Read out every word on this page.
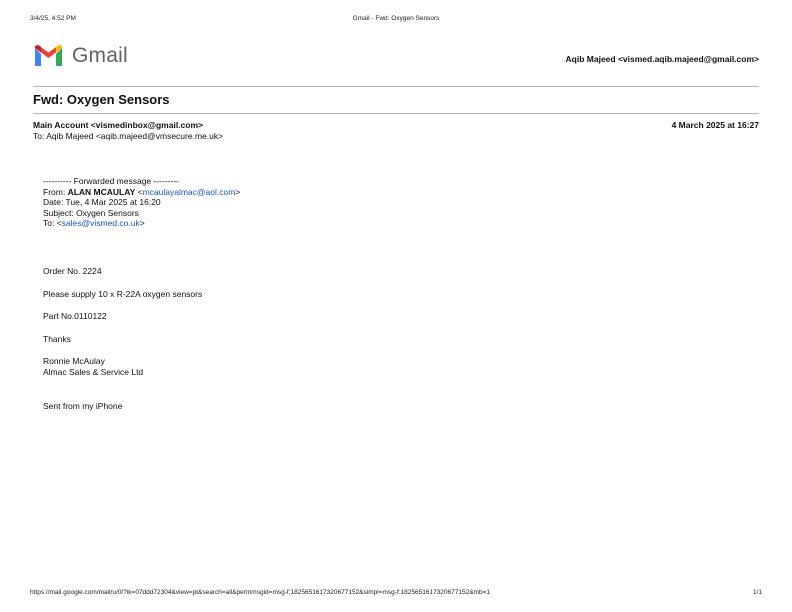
3/4/25, 4:52 PM	Gmail - Fwd: Oxygen Sensors
Gmail	Aqib Majeed <vismed.aqib.majeed@gmail.com>
Fwd: Oxygen Sensors
Main Account <vismedinbox@gmail.com>
To: Aqib Majeed <aqib.majeed@vmsecure.me.uk>
4 March 2025 at 16:27
---------- Forwarded message ---------
From: ALAN MCAULAY <mcaulayalmac@aol.com>
Date: Tue, 4 Mar 2025 at 16:20
Subject: Oxygen Sensors
To: <sales@vismed.co.uk>

Order No. 2224

Please supply 10 x R-22A oxygen sensors

Part No.0110122

Thanks

Ronnie McAulay
Almac Sales & Service Ltd
Sent from my iPhone
https://mail.google.com/mail/u/0/?ik=07ddd72304&view=pt&search=all&permmsgid=msg-f:1825651617320677152&simpl=msg-f:1825651617320677152&mb=1	1/1
